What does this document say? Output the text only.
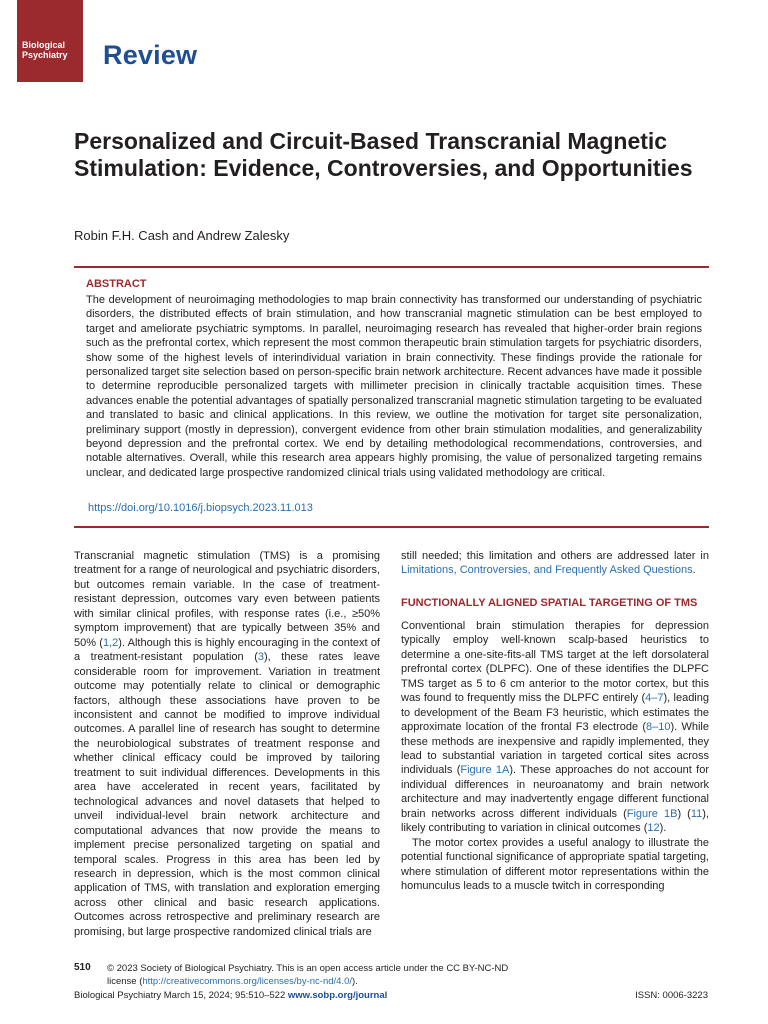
Biological
Psychiatry	Review
Personalized and Circuit-Based Transcranial Magnetic Stimulation: Evidence, Controversies, and Opportunities
Robin F.H. Cash and Andrew Zalesky
ABSTRACT
The development of neuroimaging methodologies to map brain connectivity has transformed our understanding of psychiatric disorders, the distributed effects of brain stimulation, and how transcranial magnetic stimulation can be best employed to target and ameliorate psychiatric symptoms. In parallel, neuroimaging research has revealed that higher-order brain regions such as the prefrontal cortex, which represent the most common therapeutic brain stimulation targets for psychiatric disorders, show some of the highest levels of interindividual variation in brain connectivity. These findings provide the rationale for personalized target site selection based on person-specific brain network architecture. Recent advances have made it possible to determine reproducible personalized targets with millimeter precision in clinically tractable acquisition times. These advances enable the potential advantages of spatially personalized transcranial magnetic stimulation targeting to be evaluated and translated to basic and clinical applications. In this review, we outline the motivation for target site personalization, preliminary support (mostly in depression), convergent evidence from other brain stimulation modalities, and generalizability beyond depression and the prefrontal cortex. We end by detailing methodological recommendations, controversies, and notable alternatives. Overall, while this research area appears highly promising, the value of personalized targeting remains unclear, and dedicated large prospective randomized clinical trials using validated methodology are critical.
https://doi.org/10.1016/j.biopsych.2023.11.013

Transcranial magnetic stimulation (TMS) is a promising treatment for a range of neurological and psychiatric disorders, but outcomes remain variable. In the case of treatment-resistant depression, outcomes vary even between patients with similar clinical profiles, with response rates (i.e., ≥50% symptom improvement) that are typically between 35% and 50% (1,2). Although this is highly encouraging in the context of a treatment-resistant population (3), these rates leave considerable room for improvement. Variation in treatment outcome may potentially relate to clinical or demographic factors, although these associations have proven to be inconsistent and cannot be modified to improve individual outcomes. A parallel line of research has sought to determine the neurobiological substrates of treatment response and whether clinical efficacy could be improved by tailoring treatment to suit individual differences. Developments in this area have accelerated in recent years, facilitated by technological advances and novel datasets that helped to unveil individual-level brain network architecture and computational advances that now provide the means to implement precise personalized targeting on spatial and temporal scales. Progress in this area has been led by research in depression, which is the most common clinical application of TMS, with translation and exploration emerging across other clinical and basic research applications. Outcomes across retrospective and preliminary research are promising, but large prospective randomized clinical trials are

still needed; this limitation and others are addressed later in Limitations, Controversies, and Frequently Asked Questions.

FUNCTIONALLY ALIGNED SPATIAL TARGETING OF TMS

Conventional brain stimulation therapies for depression typically employ well-known scalp-based heuristics to determine a one-site-fits-all TMS target at the left dorsolateral prefrontal cortex (DLPFC). One of these identifies the DLPFC TMS target as 5 to 6 cm anterior to the motor cortex, but this was found to frequently miss the DLPFC entirely (4–7), leading to development of the Beam F3 heuristic, which estimates the approximate location of the frontal F3 electrode (8–10). While these methods are inexpensive and rapidly implemented, they lead to substantial variation in targeted cortical sites across individuals (Figure 1A). These approaches do not account for individual differences in neuroanatomy and brain network architecture and may inadvertently engage different functional brain networks across different individuals (Figure 1B) (11), likely contributing to variation in clinical outcomes (12).

The motor cortex provides a useful analogy to illustrate the potential functional significance of appropriate spatial targeting, where stimulation of different motor representations within the homunculus leads to a muscle twitch in corresponding

510 © 2023 Society of Biological Psychiatry. This is an open access article under the CC BY-NC-ND license (http://creativecommons.org/licenses/by-nc-nd/4.0/).
Biological Psychiatry March 15, 2024; 95:510–522 www.sobp.org/journal	ISSN: 0006-3223
